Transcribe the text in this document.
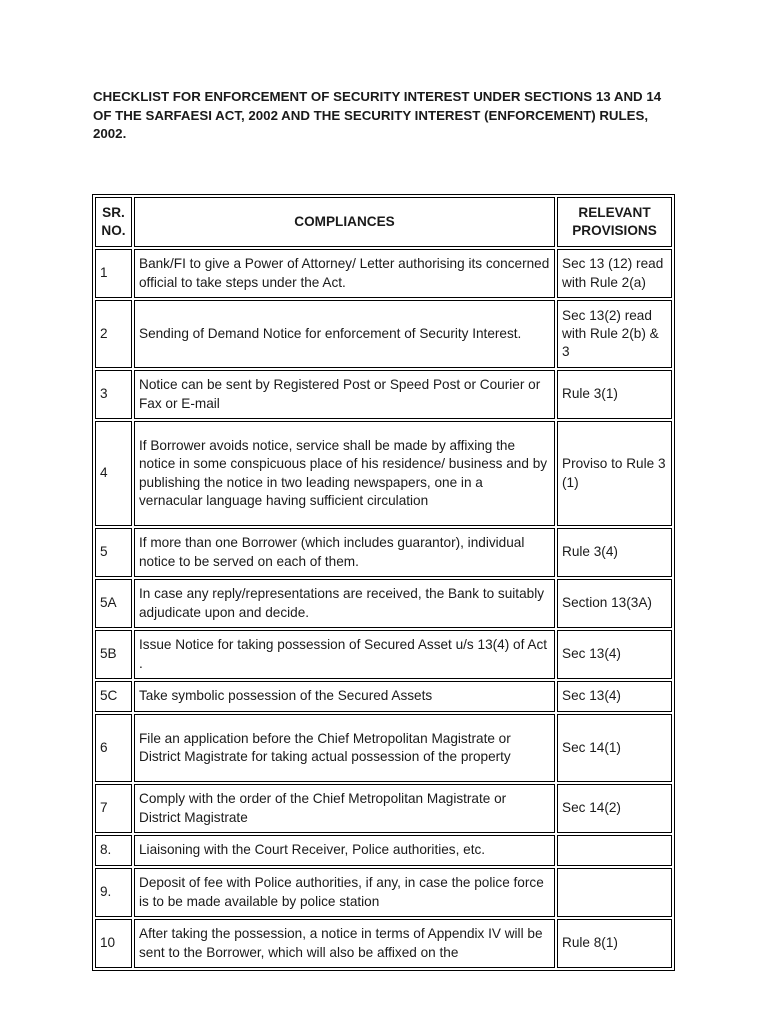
CHECKLIST FOR ENFORCEMENT OF SECURITY INTEREST UNDER SECTIONS 13 AND 14 OF THE SARFAESI ACT, 2002 AND THE SECURITY INTEREST (ENFORCEMENT) RULES, 2002.

SR. NO.	COMPLIANCES	RELEVANT PROVISIONS
1	Bank/FI to give a Power of Attorney/ Letter authorising its concerned official to take steps under the Act.	Sec 13 (12) read with Rule 2(a)
2	Sending of Demand Notice for enforcement of Security Interest.	Sec 13(2) read with Rule 2(b) & 3
3	Notice can be sent by Registered Post or Speed Post or Courier or Fax or E-mail	Rule 3(1)
4	If Borrower avoids notice, service shall be made by affixing the notice in some conspicuous place of his residence/ business and by publishing the notice in two leading newspapers, one in a vernacular language having sufficient circulation	Proviso to Rule 3 (1)
5	If more than one Borrower (which includes guarantor), individual notice to be served on each of them.	Rule 3(4)
5A	In case any reply/representations are received, the Bank to suitably adjudicate upon and decide.	Section 13(3A)
5B	Issue Notice for taking possession of Secured Asset u/s 13(4) of Act .	Sec 13(4)
5C	Take symbolic possession of the Secured Assets	Sec 13(4)
6	File an application before the Chief Metropolitan Magistrate or District Magistrate for taking actual possession of the property	Sec 14(1)
7	Comply with the order of the Chief Metropolitan Magistrate or District Magistrate	Sec 14(2)
8.	Liaisoning with the Court Receiver, Police authorities, etc.	
9.	Deposit of fee with Police authorities, if any, in case the police force is to be made available by police station	
10	After taking the possession, a notice in terms of Appendix IV will be sent to the Borrower, which will also be affixed on the	Rule 8(1)
